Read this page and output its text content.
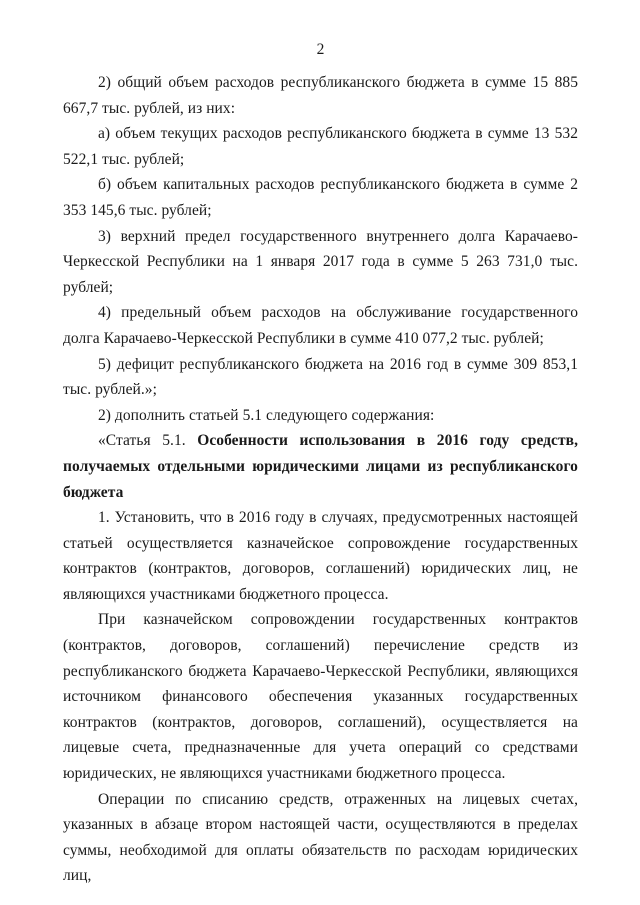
2

2) общий объем расходов республиканского бюджета в сумме 15 885 667,7 тыс. рублей, из них:

а) объем текущих расходов республиканского бюджета в сумме 13 532 522,1 тыс. рублей;

б) объем капитальных расходов республиканского бюджета в сумме 2 353 145,6 тыс. рублей;

3) верхний предел государственного внутреннего долга Карачаево-Черкесской Республики на 1 января 2017 года в сумме 5 263 731,0 тыс. рублей;

4) предельный объем расходов на обслуживание государственного долга Карачаево-Черкесской Республики в сумме 410 077,2 тыс. рублей;

5) дефицит республиканского бюджета на 2016 год в сумме 309 853,1 тыс. рублей.»;

2) дополнить статьей 5.1 следующего содержания:

«Статья 5.1. Особенности использования в 2016 году средств, получаемых отдельными юридическими лицами из республиканского бюджета

1. Установить, что в 2016 году в случаях, предусмотренных настоящей статьей осуществляется казначейское сопровождение государственных контрактов (контрактов, договоров, соглашений) юридических лиц, не являющихся участниками бюджетного процесса.

При казначейском сопровождении государственных контрактов (контрактов, договоров, соглашений) перечисление средств из республиканского бюджета Карачаево-Черкесской Республики, являющихся источником финансового обеспечения указанных государственных контрактов (контрактов, договоров, соглашений), осуществляется на лицевые счета, предназначенные для учета операций со средствами юридических, не являющихся участниками бюджетного процесса.

Операции по списанию средств, отраженных на лицевых счетах, указанных в абзаце втором настоящей части, осуществляются в пределах суммы, необходимой для оплаты обязательств по расходам юридических лиц,
